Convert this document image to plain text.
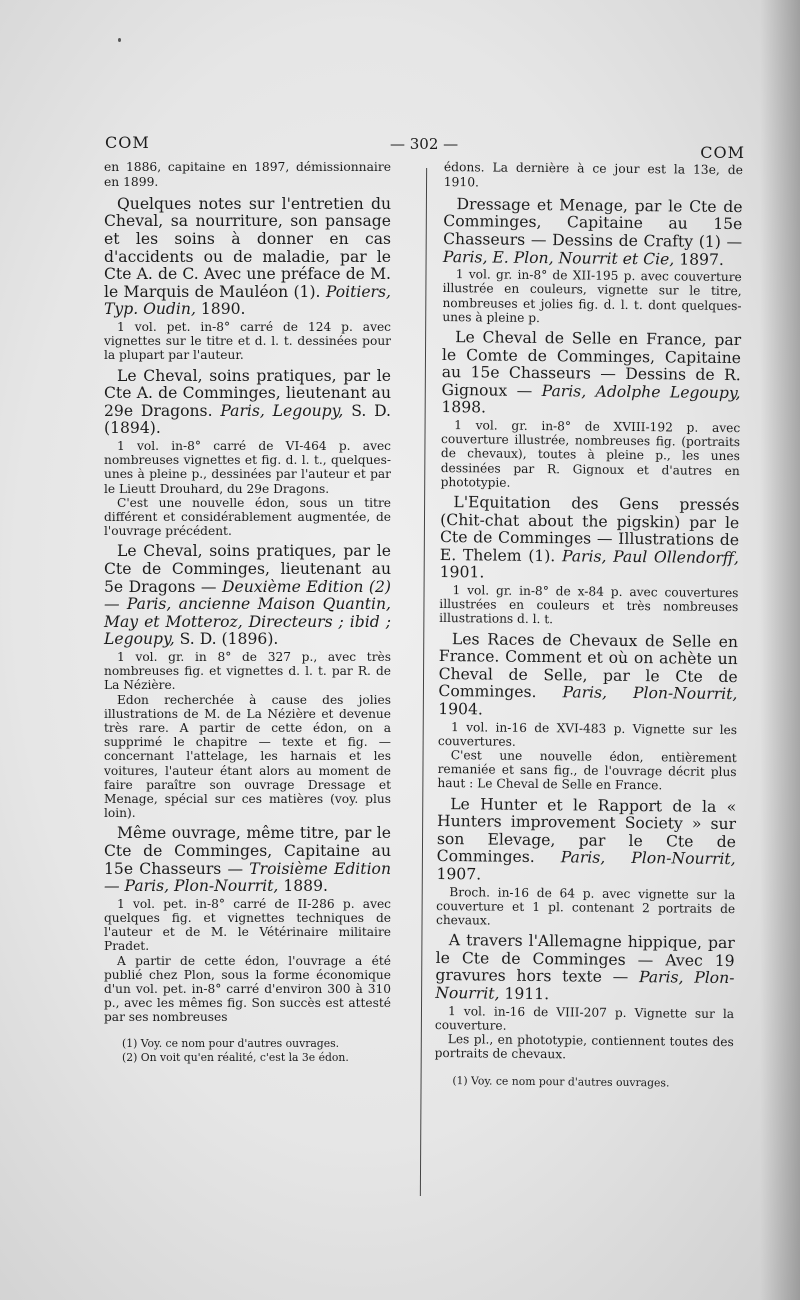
COM	— 302 —	COM
en 1886, capitaine en 1897, démissionnaire en 1899.

Quelques notes sur l'entretien du Cheval, sa nourriture, son pansage et les soins à donner en cas d'accidents ou de maladie, par le Cte A. de C. Avec une préface de M. le Marquis de Mauléon (1). Poitiers, Typ. Oudin, 1890.

1 vol. pet. in-8° carré de 124 p. avec vignettes sur le titre et d. l. t. dessinées pour la plupart par l'auteur.

Le Cheval, soins pratiques, par le Cte A. de Comminges, lieutenant au 29e Dragons. Paris, Legoupy, S. D. (1894).

1 vol. in-8° carré de VI-464 p. avec nombreuses vignettes et fig. d. l. t., quelques-unes à pleine p., dessinées par l'auteur et par le Lieutt Drouhard, du 29e Dragons.

C'est une nouvelle édon, sous un titre différent et considérablement augmentée, de l'ouvrage précédent.

Le Cheval, soins pratiques, par le Cte de Comminges, lieutenant au 5e Dragons — Deuxième Edition (2) — Paris, ancienne Maison Quantin, May et Motteroz, Directeurs ; ibid ; Legoupy, S. D. (1896).

1 vol. gr. in 8° de 327 p., avec très nombreuses fig. et vignettes d. l. t. par R. de La Nézière.

Edon recherchée à cause des jolies illustrations de M. de La Nézière et devenue très rare. A partir de cette édon, on a supprimé le chapitre — texte et fig. — concernant l'attelage, les harnais et les voitures, l'auteur étant alors au moment de faire paraître son ouvrage Dressage et Menage, spécial sur ces matières (voy. plus loin).

Même ouvrage, même titre, par le Cte de Comminges, Capitaine au 15e Chasseurs — Troisième Edition — Paris, Plon-Nourrit, 1889.

1 vol. pet. in-8° carré de II-286 p. avec quelques fig. et vignettes techniques de l'auteur et de M. le Vétérinaire militaire Pradet.

A partir de cette édon, l'ouvrage a été publié chez Plon, sous la forme économique d'un vol. pet. in-8° carré d'environ 300 à 310 p., avec les mêmes fig. Son succès est attesté par ses nombreuses

(1) Voy. ce nom pour d'autres ouvrages.
(2) On voit qu'en réalité, c'est la 3e édon.
édons. La dernière à ce jour est la 13e, de 1910.

Dressage et Menage, par le Cte de Comminges, Capitaine au 15e Chasseurs — Dessins de Crafty (1) — Paris, E. Plon, Nourrit et Cie, 1897.

1 vol. gr. in-8° de XII-195 p. avec couverture illustrée en couleurs, vignette sur le titre, nombreuses et jolies fig. d. l. t. dont quelques-unes à pleine p.

Le Cheval de Selle en France, par le Comte de Comminges, Capitaine au 15e Chasseurs — Dessins de R. Gignoux — Paris, Adolphe Legoupy, 1898.

1 vol. gr. in-8° de XVIII-192 p. avec couverture illustrée, nombreuses fig. (portraits de chevaux), toutes à pleine p., les unes dessinées par R. Gignoux et d'autres en phototypie.

L'Equitation des Gens pressés (Chit-chat about the pigskin) par le Cte de Comminges — Illustrations de E. Thelem (1). Paris, Paul Ollendorff, 1901.

1 vol. gr. in-8° de x-84 p. avec couvertures illustrées en couleurs et très nombreuses illustrations d. l. t.

Les Races de Chevaux de Selle en France. Comment et où on achète un Cheval de Selle, par le Cte de Comminges. Paris, Plon-Nourrit, 1904.

1 vol. in-16 de XVI-483 p. Vignette sur les couvertures.

C'est une nouvelle édon, entièrement remaniée et sans fig., de l'ouvrage décrit plus haut : Le Cheval de Selle en France.

Le Hunter et le Rapport de la « Hunters improvement Society » sur son Elevage, par le Cte de Comminges. Paris, Plon-Nourrit, 1907.

Broch. in-16 de 64 p. avec vignette sur la couverture et 1 pl. contenant 2 portraits de chevaux.

A travers l'Allemagne hippique, par le Cte de Comminges — Avec 19 gravures hors texte — Paris, Plon-Nourrit, 1911.

1 vol. in-16 de VIII-207 p. Vignette sur la couverture.

Les pl., en phototypie, contiennent toutes des portraits de chevaux.

(1) Voy. ce nom pour d'autres ouvrages.
